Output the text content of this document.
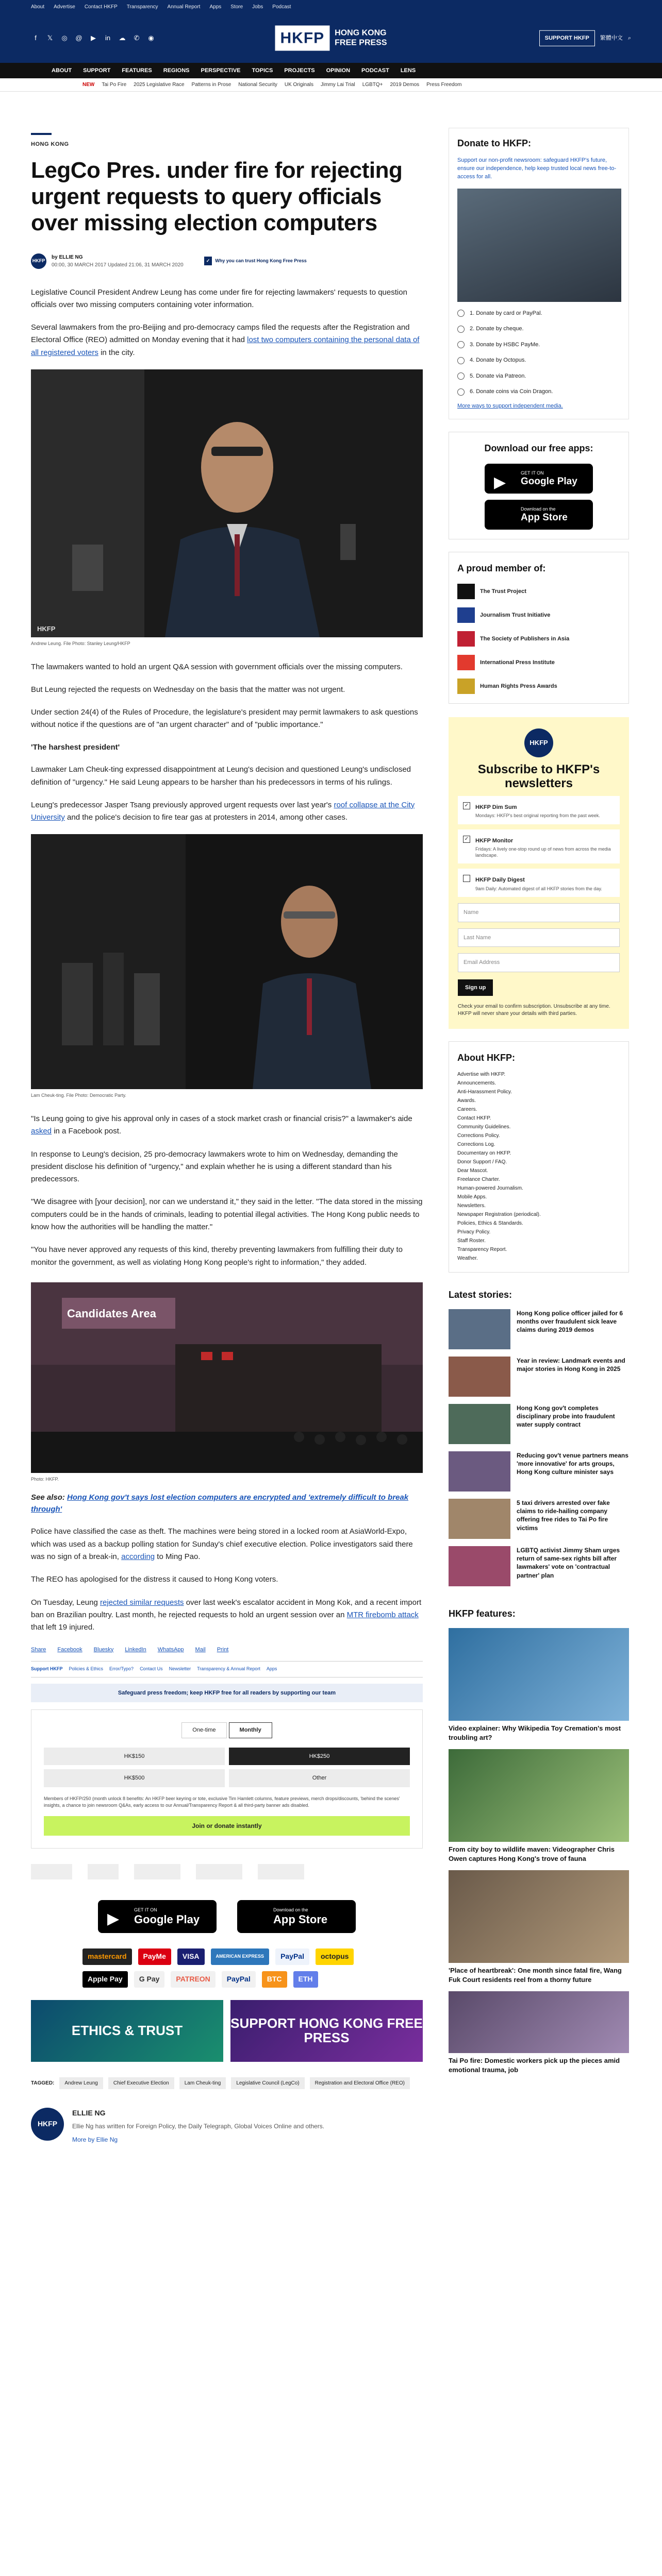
About Advertise Contact HKFP Transparency Annual Report Apps Store Jobs Podcast
f	𝕏 ◎ @	▶	in	☁ ✆ ◉	HKFP	HONG KONG
FREE PRESS
SUPPORT HKFP	繁體中文 ⌕
ABOUT SUPPORT FEATURES REGIONS PERSPECTIVE TOPICS PROJECTS OPINION PODCAST LENS
NEW Tai Po Fire 2025 Legislative Race Patterns in Prose National Security UK Originals Jimmy Lai Trial LGBTQ+ 2019 Demos Press Freedom
HONG KONG
LegCo Pres. under fire for rejecting urgent requests to query officials over missing election computers
HKFP
by ELLIE NG
00:00, 30 MARCH 2017 Updated 21:06, 31 MARCH 2020
✓	Why you can trust Hong Kong Free Press

Legislative Council President Andrew Leung has come under fire for rejecting lawmakers' requests to question officials over two missing computers containing voter information.

Several lawmakers from the pro-Beijing and pro-democracy camps filed the requests after the Registration and Electoral Office (REO) admitted on Monday evening that it had lost two computers containing the personal data of all registered voters in the city.

HKFP
Andrew Leung. File Photo: Stanley Leung/HKFP

The lawmakers wanted to hold an urgent Q&A session with government officials over the missing computers.

But Leung rejected the requests on Wednesday on the basis that the matter was not urgent.

Under section 24(4) of the Rules of Procedure, the legislature's president may permit lawmakers to ask questions without notice if the questions are of "an urgent character" and of "public importance."

'The harshest president'

Lawmaker Lam Cheuk-ting expressed disappointment at Leung's decision and questioned Leung's undisclosed definition of "urgency." He said Leung appears to be harsher than his predecessors in terms of his rulings.

Leung's predecessor Jasper Tsang previously approved urgent requests over last year's roof collapse at the City University and the police's decision to fire tear gas at protesters in 2014, among other cases.

Lam Cheuk-ting. File Photo: Democratic Party.

"Is Leung going to give his approval only in cases of a stock market crash or financial crisis?" a lawmaker's aide asked in a Facebook post.

In response to Leung's decision, 25 pro-democracy lawmakers wrote to him on Wednesday, demanding the president disclose his definition of "urgency," and explain whether he is using a different standard than his predecessors.

"We disagree with [your decision], nor can we understand it," they said in the letter. "The data stored in the missing computers could be in the hands of criminals, leading to potential illegal activities. The Hong Kong public needs to know how the authorities will be handling the matter."

"You have never approved any requests of this kind, thereby preventing lawmakers from fulfilling their duty to monitor the government, as well as violating Hong Kong people's right to information," they added.

Candidates Area
Photo: HKFP.

See also: Hong Kong gov't says lost election computers are encrypted and 'extremely difficult to break through'

Police have classified the case as theft. The machines were being stored in a locked room at AsiaWorld-Expo, which was used as a backup polling station for Sunday's chief executive election. Police investigators said there was no sign of a break-in, according to Ming Pao.

The REO has apologised for the distress it caused to Hong Kong voters.

On Tuesday, Leung rejected similar requests over last week's escalator accident in Mong Kok, and a recent import ban on Brazilian poultry. Last month, he rejected requests to hold an urgent session over an MTR firebomb attack that left 19 injured.

Share Facebook Bluesky LinkedIn WhatsApp Mail Print
Support HKFP Policies & Ethics Error/Typo? Contact Us Newsletter Transparency & Annual Report Apps
Safeguard press freedom; keep HKFP free for all readers by supporting our team
One-time	Monthly
HK$150	HK$250
HK$500	Other

Members of HKFP/250 (month unlock 8 benefits: An HKFP beer keyring or tote, exclusive Tim Hamlett columns, feature previews, merch drops/discounts, 'behind the scenes' insights, a chance to join newsroom Q&As, early access to our Annual/Transparency Report & all third-party banner ads disabled.

Join or donate instantly
▶
GET IT ON
Google Play
Download on the
App Store
mastercard	PayMe	VISA	AMERICAN EXPRESS	PayPal	octopus
Apple Pay	G Pay	PATREON	PayPal	BTC	ETH
ETHICS & TRUST	SUPPORT HONG KONG FREE PRESS
TAGGED:	Andrew Leung	Chief Executive Election	Lam Cheuk-ting	Legislative Council (LegCo)	Registration and Electoral Office (REO)
HKFP
ELLIE NG
Ellie Ng has written for Foreign Policy, the Daily Telegraph, Global Voices Online and others.
More by Ellie Ng
Donate to HKFP:

Support our non-profit newsroom: safeguard HKFP's future, ensure our independence, help keep trusted local news free-to-access for all.

1. Donate by card or PayPal.
2. Donate by cheque.
3. Donate by HSBC PayMe.
4. Donate by Octopus.
5. Donate via Patreon.
6. Donate coins via Coin Dragon.

More ways to support independent media.

Download our free apps:
▶
GET IT ON
Google Play
Download on the
App Store
A proud member of:
The Trust Project
Journalism Trust Initiative
The Society of Publishers in Asia
International Press Institute
Human Rights Press Awards
HKFP
Subscribe to HKFP's newsletters
✓ HKFP Dim Sum

Mondays: HKFP's best original reporting from the past week.

✓ HKFP Monitor

Fridays: A lively one-stop round up of news from across the media landscape.

HKFP Daily Digest

9am Daily: Automated digest of all HKFP stories from the day.

Name
Last Name
Email Address
Sign up

Check your email to confirm subscription. Unsubscribe at any time. HKFP will never share your details with third parties.

About HKFP:
Advertise with HKFP.
Announcements.
Anti-Harassment Policy.
Awards.
Careers.
Contact HKFP.
Community Guidelines.
Corrections Policy.
Corrections Log.
Documentary on HKFP.
Donor Support / FAQ.
Dear Mascot.
Freelance Charter.
Human-powered Journalism.
Mobile Apps.
Newsletters.
Newspaper Registration (periodical).
Policies, Ethics & Standards.
Privacy Policy.
Staff Roster.
Transparency Report.
Weather.
Latest stories:

Hong Kong police officer jailed for 6 months over fraudulent sick leave claims during 2019 demos

Year in review: Landmark events and major stories in Hong Kong in 2025

Hong Kong gov't completes disciplinary probe into fraudulent water supply contract

Reducing gov't venue partners means 'more innovative' for arts groups, Hong Kong culture minister says

5 taxi drivers arrested over fake claims to ride-hailing company offering free rides to Tai Po fire victims

LGBTQ activist Jimmy Sham urges return of same-sex rights bill after lawmakers' vote on 'contractual partner' plan

HKFP features:

Video explainer: Why Wikipedia Toy Cremation's most troubling art?

From city boy to wildlife maven: Videographer Chris Owen captures Hong Kong's trove of fauna

'Place of heartbreak': One month since fatal fire, Wang Fuk Court residents reel from a thorny future

Tai Po fire: Domestic workers pick up the pieces amid emotional trauma, job
